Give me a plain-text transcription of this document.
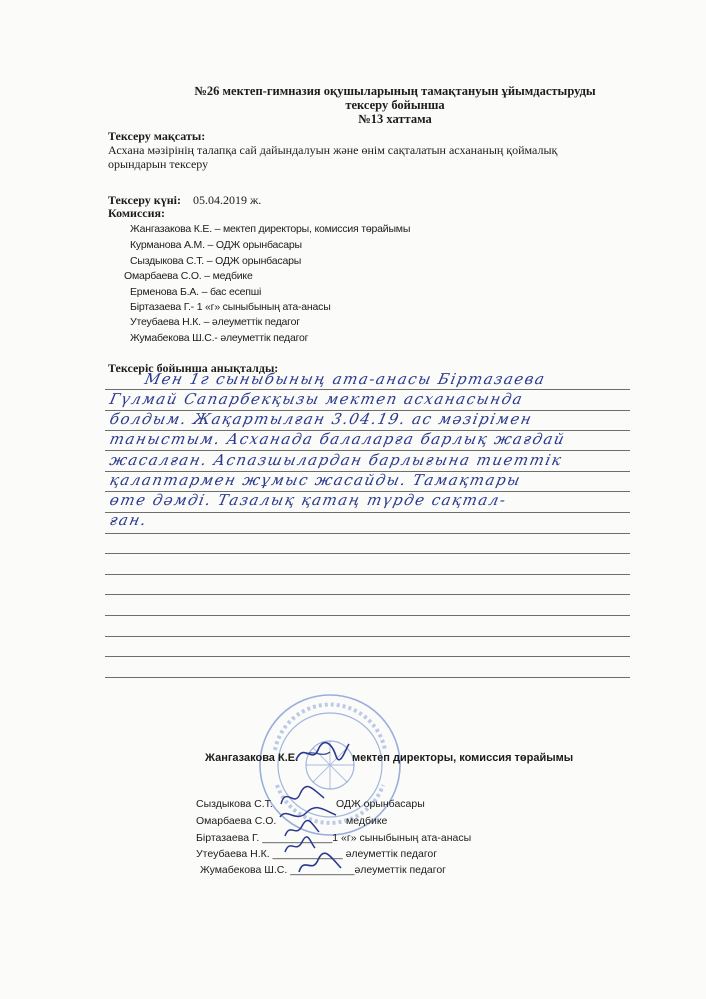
№26 мектеп-гимназия оқушыларының тамақтануын ұйымдастыруды
тексеру бойынша
№13 хаттама
Тексеру мақсаты:
Асхана мәзірінің талапқа сай дайындалуын және өнім сақталатын асхананың қоймалық
орындарын тексеру
Тексеру күні: 05.04.2019 ж.
Комиссия:
Жангазакова К.Е. – мектеп директоры, комиссия төрайымы
Курманова А.М. – ОДЖ орынбасары
Сыздыкова С.Т. – ОДЖ орынбасары
Омарбаева С.О. – медбике
Ерменова Б.А. – бас есепші
Біртазаева Г.- 1 «г» сыныбының ата-анасы
Утеубаева Н.К. – әлеуметтік педагог
Жумабекова Ш.С.- әлеуметтік педагог
Тексеріс бойынша анықталды:
Мен 1г сыныбының ата-анасы Біртазаева
Гүлмай Сапарбекқызы мектеп асханасында
болдым. Жақартылған 3.04.19. ас мәзірімен
таныстым. Асханада балаларға барлық жағдай
жасалған. Аспазшылардан барлығына тиеттік
қалаптармен жұмыс жасайды. Тамақтары
өте дәмді. Тазалық қатаң түрде сақтал-
ған.
Жангазакова К.Е.	мектеп директоры, комиссия төрайымы
Сыздыкова С.Т.	ОДЖ орынбасары
Омарбаева С.О.	медбике
Біртазаева Г. ____________1 «г» сыныбының ата-анасы
Утеубаева Н.К. ____________ әлеуметтік педагог
Жумабекова Ш.С. ___________әлеуметтік педагог
